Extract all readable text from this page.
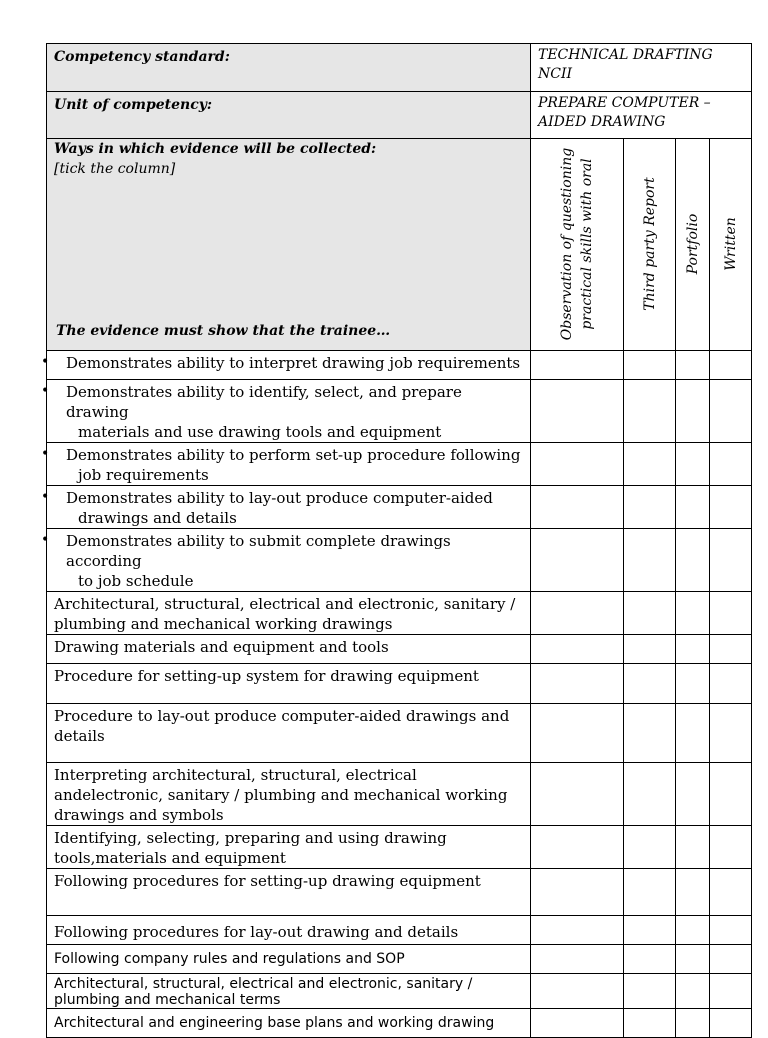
Competency standard:	TECHNICAL DRAFTING
NCII			
Unit of competency:	PREPARE COMPUTER –
AIDED DRAWING			

Ways in which evidence will be collected:
[tick the column]
The evidence must show that the trainee…	Observation of questioning practical skills with oral	Third party Report	Portfolio	Written

• Demonstrates ability to interpret drawing job requirements				

• Demonstrates ability to identify, select, and prepare drawing
materials and use drawing tools and equipment				

• Demonstrates ability to perform set-up procedure following
job requirements				

• Demonstrates ability to lay-out produce computer-aided
drawings and details				

• Demonstrates ability to submit complete drawings according
to job schedule				

Architectural, structural, electrical and electronic, sanitary / plumbing and mechanical working drawings				
Drawing materials and equipment and tools				
Procedure for setting-up system for drawing equipment				
Procedure to lay-out produce computer-aided drawings and details				
Interpreting architectural, structural, electrical andelectronic, sanitary / plumbing and mechanical working drawings and symbols				
Identifying, selecting, preparing and using drawing tools,materials and equipment				
Following procedures for setting-up drawing equipment				
Following procedures for lay-out drawing and details				
Following company rules and regulations and SOP				
Architectural, structural, electrical and electronic, sanitary / plumbing and mechanical terms				
Architectural and engineering base plans and working drawing				
